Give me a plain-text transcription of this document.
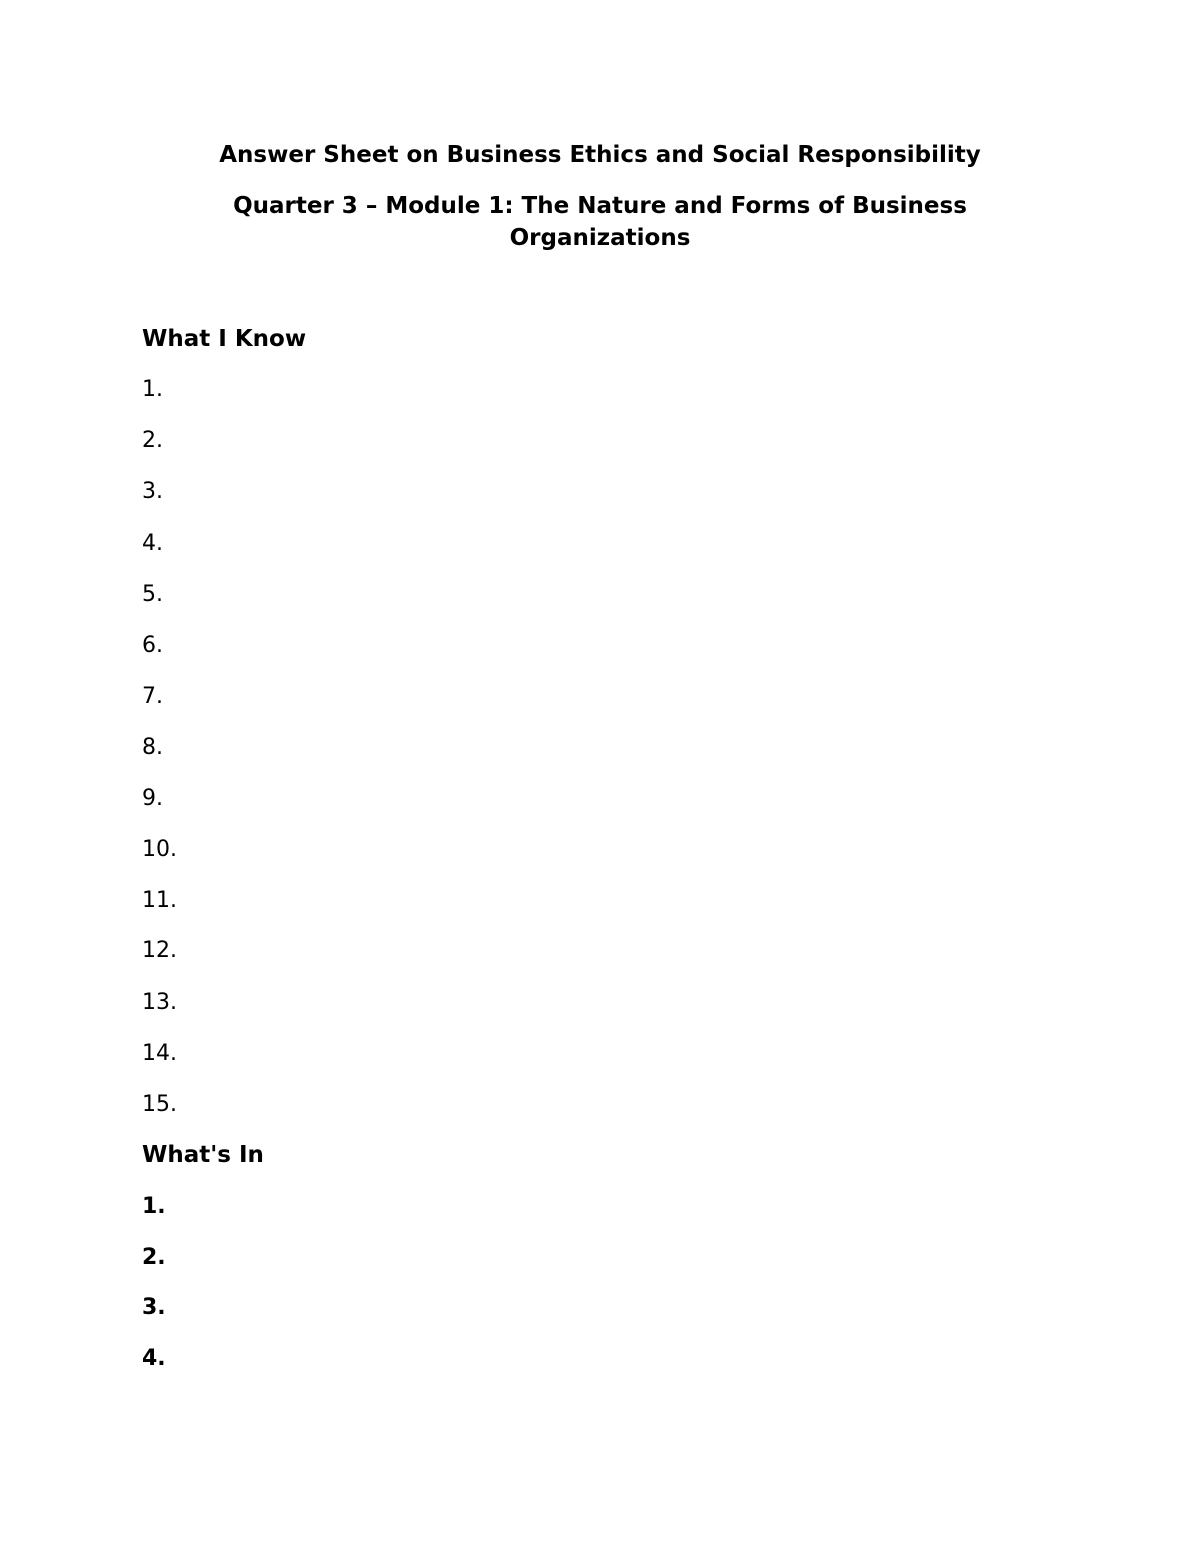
Answer Sheet on Business Ethics and Social Responsibility
Quarter 3 – Module 1: The Nature and Forms of Business
Organizations
What I Know
1.
2.
3.
4.
5.
6.
7.
8.
9.
10.
11.
12.
13.
14.
15.
What's In
1.
2.
3.
4.
